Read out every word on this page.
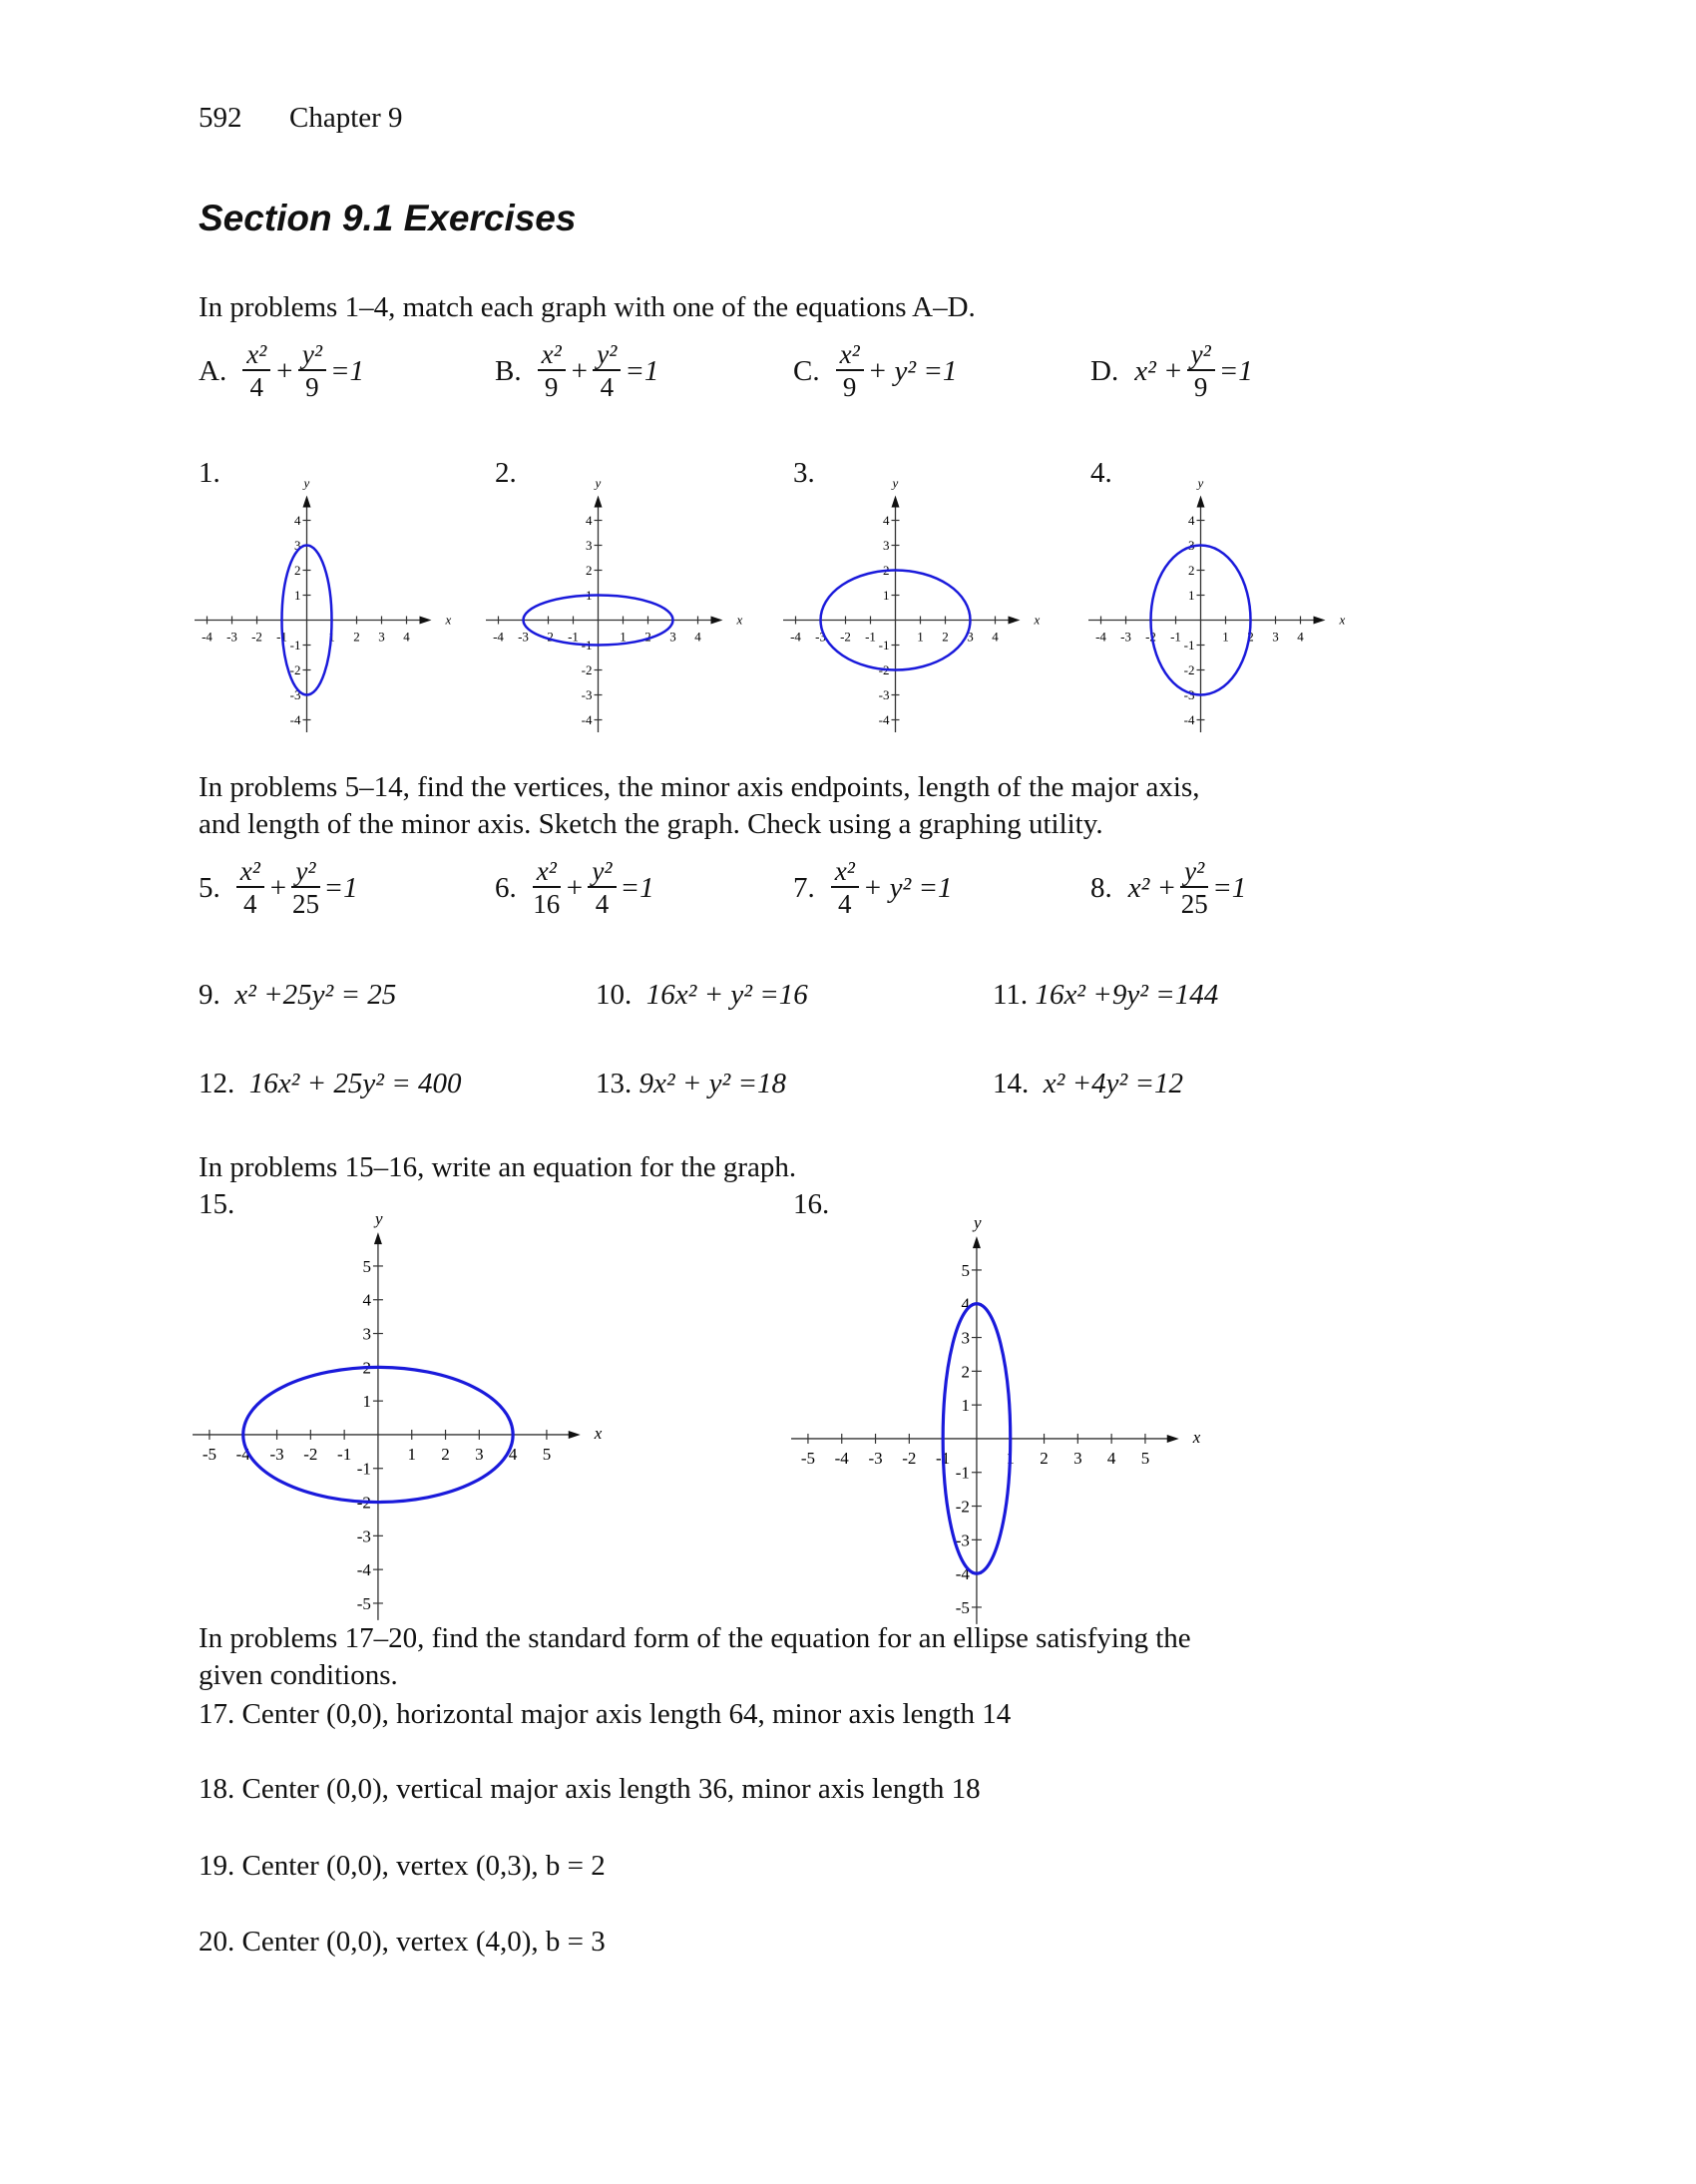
592 Chapter 9
Section 9.1 Exercises
In problems 1–4, match each graph with one of the equations A–D.
A. $\frac{\text{x²}}{4} + \frac{\text{y²}}{9} =1$	B. $\frac{\text{x²}}{9} + \frac{\text{y²}}{4} =1$	C. $\frac{\text{x²}}{9} + y^2 =1$	D. $x^2 + \frac{\text{y²}}{9} =1$
1.	2.	3.	4.
x
y
-4
-4
-3
-3
-2
-2
-1
-1
1
1
2
2
3
3
4
4
x
y
-4
-4
-3
-3
-2
-2
-1
-1
1
1
2
2
3
3
4
4
x
y
-4
-4
-3
-3
-2
-2
-1
-1
1
1
2
2
3
3
4
4
x
y
-4
-4
-3
-3
-2
-2
-1
-1
1
1
2
2
3
3
4
4
x
y
-5
-5
-4
-4
-3
-3
-2
-2
-1
-1
1
1
2
2
3
3
4
4
5
5
x
y
-5
-5
-4
-4
-3
-3
-2
-2
-1
-1
1
1
2
2
3
3
4
4
5
5
In problems 5–14, find the vertices, the minor axis endpoints, length of the major axis,
and length of the minor axis. Sketch the graph. Check using a graphing utility.
5. $\frac{\text{x²}}{4} + \frac{\text{y²}}{25} =1$	6. $\frac{\text{x²}}{16} + \frac{\text{y²}}{4} =1$	7. $\frac{\text{x²}}{4} + y^2 =1$	8. $x^2 + \frac{\text{y²}}{25} =1$
9. x² +25y² = 25	10. 16x² + y² =16	11. 16x² +9y² =144
12. 16x² + 25y² = 400	13. 9x² + y² =18	14. x² +4y² =12
In problems 15–16, write an equation for the graph.
15.	16.
In problems 17–20, find the standard form of the equation for an ellipse satisfying the
given conditions.
17. Center (0,0), horizontal major axis length 64, minor axis length 14
18. Center (0,0), vertical major axis length 36, minor axis length 18
19. Center (0,0), vertex (0,3), b = 2
20. Center (0,0), vertex (4,0), b = 3
